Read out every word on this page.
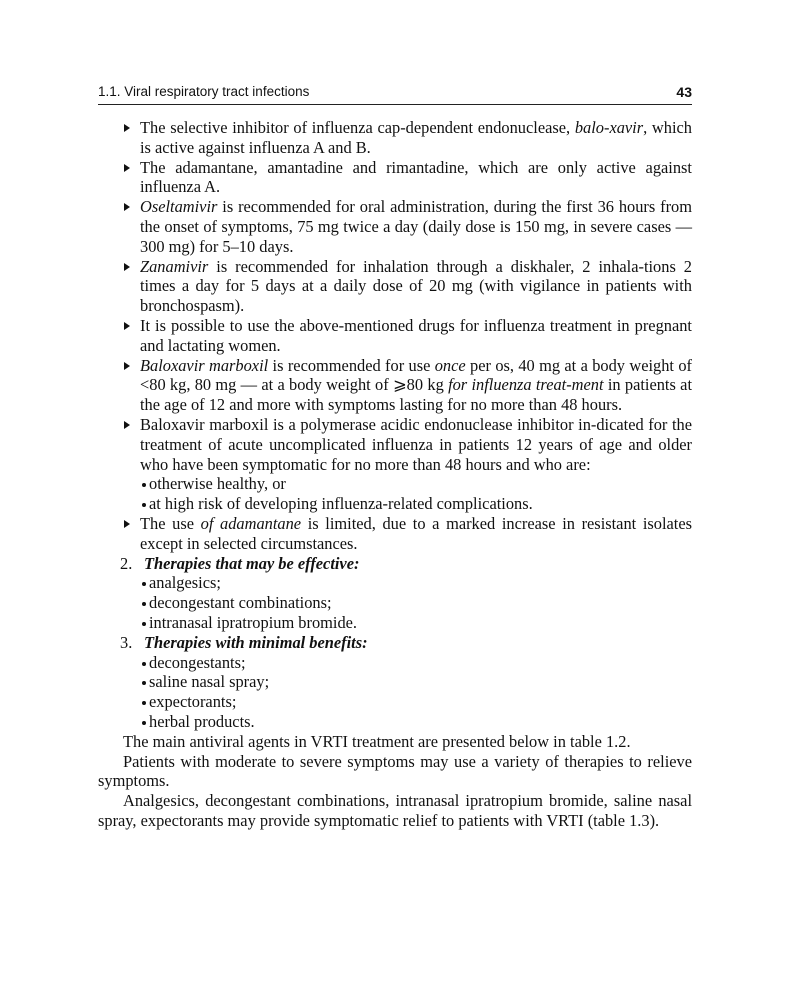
1.1. Viral respiratory tract infections	43
The selective inhibitor of influenza cap-dependent endonuclease, balo-xavir, which is active against influenza A and B.
The adamantane, amantadine and rimantadine, which are only active against influenza A.
Oseltamivir is recommended for oral administration, during the first 36 hours from the onset of symptoms, 75 mg twice a day (daily dose is 150 mg, in severe cases — 300 mg) for 5–10 days.
Zanamivir is recommended for inhalation through a diskhaler, 2 inhala-tions 2 times a day for 5 days at a daily dose of 20 mg (with vigilance in patients with bronchospasm).
It is possible to use the above-mentioned drugs for influenza treatment in pregnant and lactating women.
Baloxavir marboxil is recommended for use once per os, 40 mg at a body weight of <80 kg, 80 mg — at a body weight of ⩾80 kg for influenza treat-ment in patients at the age of 12 and more with symptoms lasting for no more than 48 hours.
Baloxavir marboxil is a polymerase acidic endonuclease inhibitor in-dicated for the treatment of acute uncomplicated influenza in patients 12 years of age and older who have been symptomatic for no more than 48 hours and who are:
otherwise healthy, or
at high risk of developing influenza-related complications.
The use of adamantane is limited, due to a marked increase in resistant isolates except in selected circumstances.
2. Therapies that may be effective:
analgesics;
decongestant combinations;
intranasal ipratropium bromide.
3. Therapies with minimal benefits:
decongestants;
saline nasal spray;
expectorants;
herbal products.

The main antiviral agents in VRTI treatment are presented below in table 1.2.

Patients with moderate to severe symptoms may use a variety of therapies to relieve symptoms.

Analgesics, decongestant combinations, intranasal ipratropium bromide, saline nasal spray, expectorants may provide symptomatic relief to patients with VRTI (table 1.3).
